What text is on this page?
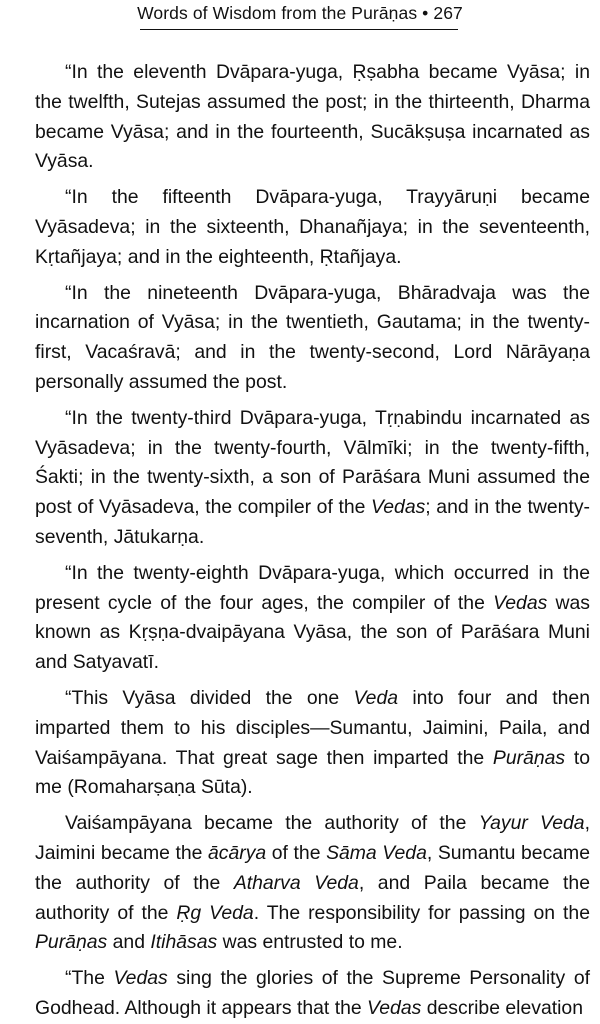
Words of Wisdom from the Purāṇas • 267

“In the eleventh Dvāpara-yuga, Ṛṣabha became Vyāsa; in the twelfth, Sutejas assumed the post; in the thirteenth, Dharma became Vyāsa; and in the fourteenth, Sucākṣuṣa incarnated as Vyāsa.

“In the fifteenth Dvāpara-yuga, Trayyāruṇi became Vyāsadeva; in the sixteenth, Dhanañjaya; in the seventeenth, Kṛtañjaya; and in the eighteenth, Ṛtañjaya.

“In the nineteenth Dvāpara-yuga, Bhāradvaja was the incarnation of Vyāsa; in the twentieth, Gautama; in the twenty-first, Vacaśravā; and in the twenty-second, Lord Nārāyaṇa personally assumed the post.

“In the twenty-third Dvāpara-yuga, Tṛṇabindu incarnated as Vyāsadeva; in the twenty-fourth, Vālmīki; in the twenty-fifth, Śakti; in the twenty-sixth, a son of Parāśara Muni assumed the post of Vyāsadeva, the compiler of the Vedas; and in the twenty-seventh, Jātukarṇa.

“In the twenty-eighth Dvāpara-yuga, which occurred in the present cycle of the four ages, the compiler of the Vedas was known as Kṛṣṇa-dvaipāyana Vyāsa, the son of Parāśara Muni and Satyavatī.

“This Vyāsa divided the one Veda into four and then imparted them to his disciples—Sumantu, Jaimini, Paila, and Vaiśampāyana. That great sage then imparted the Purāṇas to me (Romaharṣaṇa Sūta).

Vaiśampāyana became the authority of the Yayur Veda, Jaimini became the ācārya of the Sāma Veda, Sumantu became the authority of the Atharva Veda, and Paila became the authority of the Ṛg Veda. The responsibility for passing on the Purāṇas and Itihāsas was entrusted to me.

“The Vedas sing the glories of the Supreme Personality of Godhead. Although it appears that the Vedas describe elevation
